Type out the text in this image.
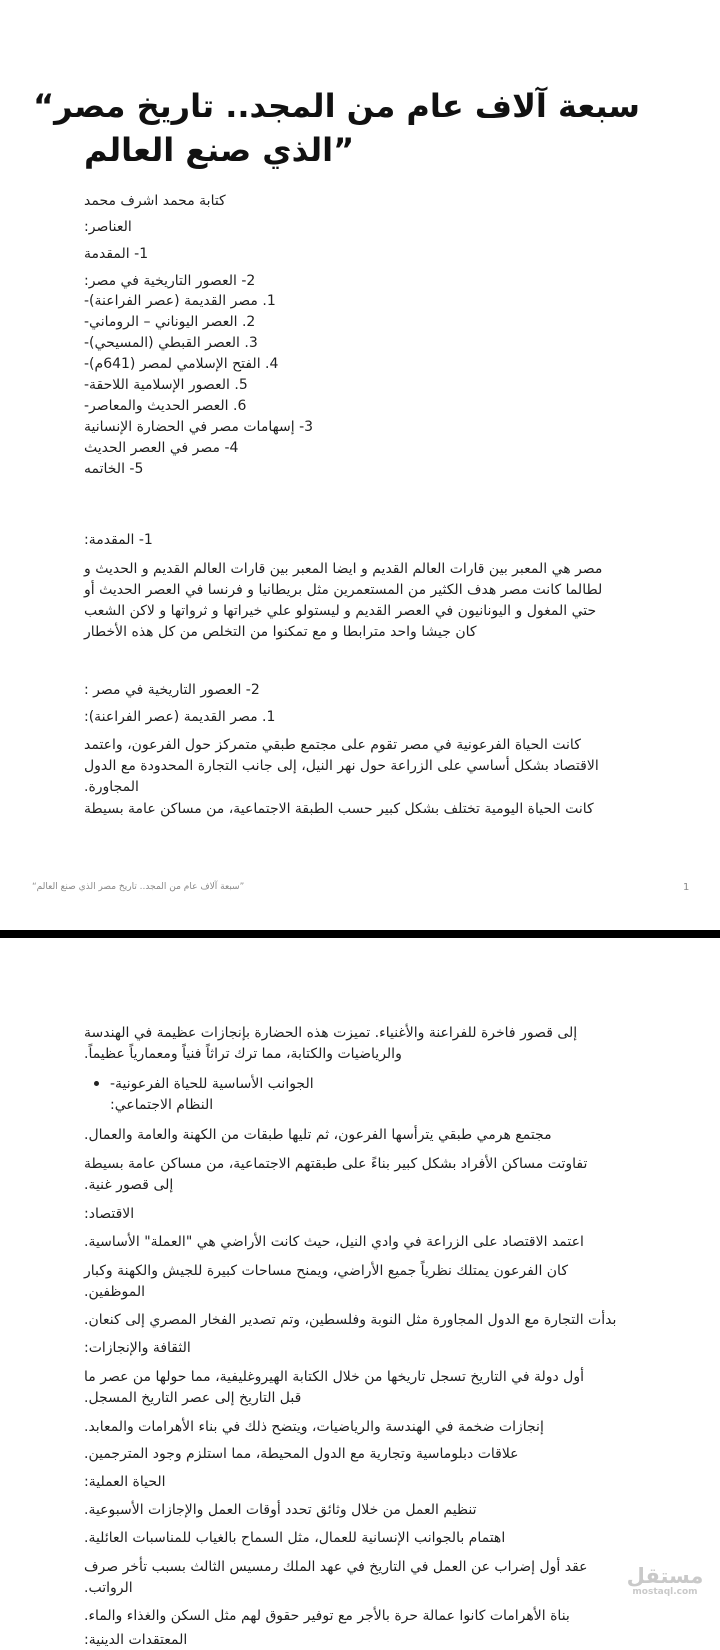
سبعة آلاف عام من المجد.. تاريخ مصر“
”الذي صنع العالم
كتابة محمد اشرف محمد
العناصر:
1- المقدمة
2- العصور التاريخية في مصر:
1. مصر القديمة (عصر الفراعنة)-
2. العصر اليوناني – الروماني-
3. العصر القبطي (المسيحي)-
4. الفتح الإسلامي لمصر (641م)-
5. العصور الإسلامية اللاحقة-
6. العصر الحديث والمعاصر-
3- إسهامات مصر في الحضارة الإنسانية
4- مصر في العصر الحديث
5- الخاتمه
1- المقدمة:
مصر هي المعبر بين قارات العالم القديم و ايضا المعبر بين قارات العالم القديم و الحديث و
لطالما كانت مصر هدف الكثير من المستعمرين مثل بريطانيا و فرنسا في العصر الحديث أو
حتي المغول و اليونانيون في العصر القديم و ليستولو علي خيراتها و ثرواتها و لاكن الشعب
كان جيشا واحد مترابطا و مع تمكنوا من التخلص من كل هذه الأخطار
2- العصور التاريخية في مصر :
1. مصر القديمة (عصر الفراعنة):
كانت الحياة الفرعونية في مصر تقوم على مجتمع طبقي متمركز حول الفرعون، واعتمد
الاقتصاد بشكل أساسي على الزراعة حول نهر النيل، إلى جانب التجارة المحدودة مع الدول
المجاورة.
كانت الحياة اليومية تختلف بشكل كبير حسب الطبقة الاجتماعية، من مساكن عامة بسيطة
”سبعة آلاف عام من المجد.. تاريخ مصر الذي صنع العالم“	1
إلى قصور فاخرة للفراعنة والأغنياء. تميزت هذه الحضارة بإنجازات عظيمة في الهندسة
والرياضيات والكتابة، مما ترك تراثاً فنياً ومعمارياً عظيماً.
الجوانب الأساسية للحياة الفرعونية-
النظام الاجتماعي:
مجتمع هرمي طبقي يترأسها الفرعون، ثم تليها طبقات من الكهنة والعامة والعمال.
تفاوتت مساكن الأفراد بشكل كبير بناءً على طبقتهم الاجتماعية، من مساكن عامة بسيطة
إلى قصور غنية.
الاقتصاد:
اعتمد الاقتصاد على الزراعة في وادي النيل، حيث كانت الأراضي هي "العملة" الأساسية.
كان الفرعون يمتلك نظرياً جميع الأراضي، ويمنح مساحات كبيرة للجيش والكهنة وكبار
الموظفين.
بدأت التجارة مع الدول المجاورة مثل النوبة وفلسطين، وتم تصدير الفخار المصري إلى كنعان.
الثقافة والإنجازات:
أول دولة في التاريخ تسجل تاريخها من خلال الكتابة الهيروغليفية، مما حولها من عصر ما
قبل التاريخ إلى عصر التاريخ المسجل.
إنجازات ضخمة في الهندسة والرياضيات، ويتضح ذلك في بناء الأهرامات والمعابد.
علاقات دبلوماسية وتجارية مع الدول المحيطة، مما استلزم وجود المترجمين.
الحياة العملية:
تنظيم العمل من خلال وثائق تحدد أوقات العمل والإجازات الأسبوعية.
اهتمام بالجوانب الإنسانية للعمال، مثل السماح بالغياب للمناسبات العائلية.
عقد أول إضراب عن العمل في التاريخ في عهد الملك رمسيس الثالث بسبب تأخر صرف
الرواتب.
بناة الأهرامات كانوا عمالة حرة بالأجر مع توفير حقوق لهم مثل السكن والغذاء والماء.
المعتقدات الدينية:
مستقل
mostaql.com
